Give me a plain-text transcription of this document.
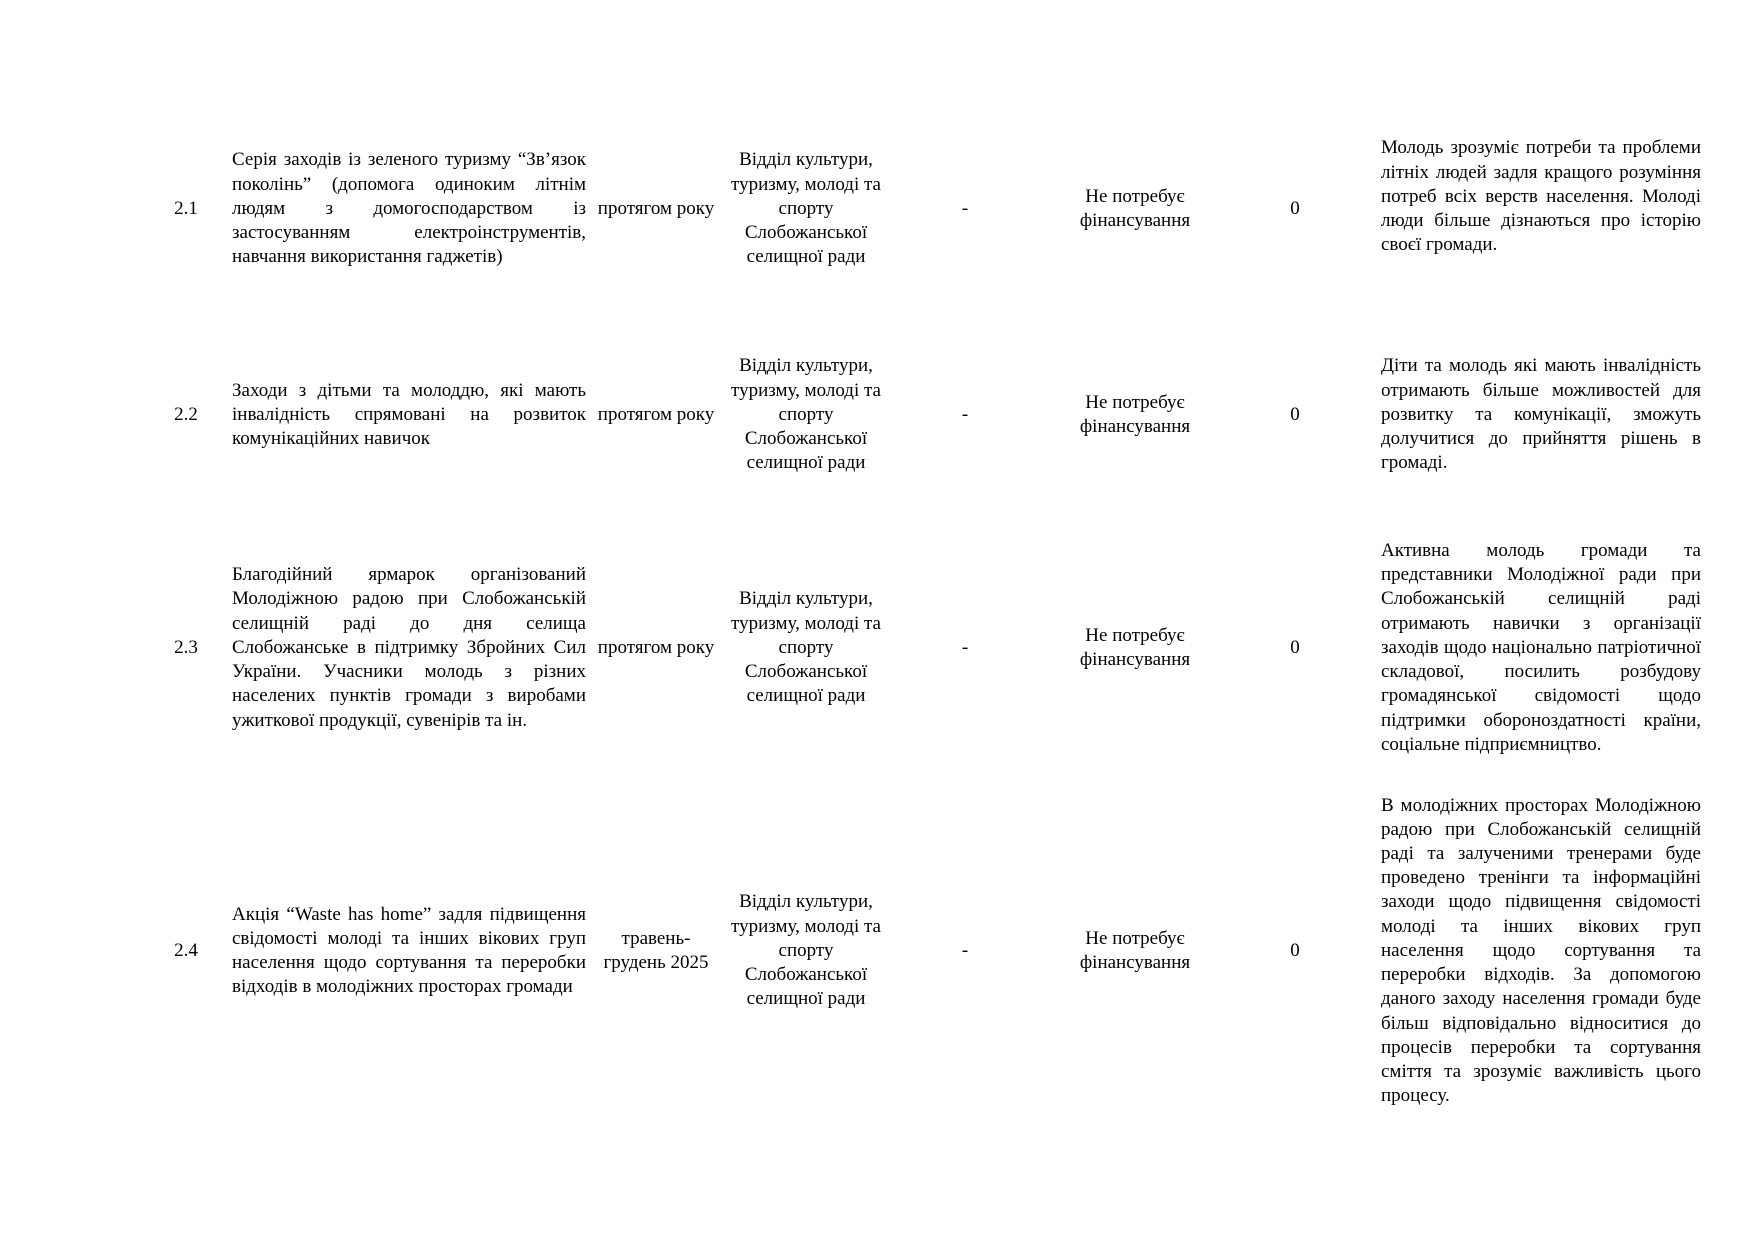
2.1
Серія заходів із зеленого туризму “Зв’язок поколінь” (допомога одиноким літнім людям з домогосподарством із застосуванням електроінструментів, навчання використання гаджетів)
протягом року
Відділ культури, туризму, молоді та спорту Слобожанської селищної ради
-
Не потребує фінансування
0
Молодь зрозуміє потреби та проблеми літніх людей задля кращого розуміння потреб всіх верств населення. Молоді люди більше дізнаються про історію своєї громади.
2.2
Заходи з дітьми та молоддю, які мають інвалідність спрямовані на розвиток комунікаційних навичок
протягом року
Відділ культури, туризму, молоді та спорту Слобожанської селищної ради
-
Не потребує фінансування
0
Діти та молодь які мають інвалідність отримають більше можливостей для розвитку та комунікації, зможуть долучитися до прийняття рішень в громаді.
2.3
Благодійний ярмарок організований Молодіжною радою при Слобожанській селищній раді до дня селища Слобожанське в підтримку Збройних Сил України. Учасники молодь з різних населених пунктів громади з виробами ужиткової продукції, сувенірів та ін.
протягом року
Відділ культури, туризму, молоді та спорту Слобожанської селищної ради
-
Не потребує фінансування
0
Активна молодь громади та представники Молодіжної ради при Слобожанській селищній раді отримають навички з організації заходів щодо національно патріотичної складової, посилить розбудову громадянської свідомості щодо підтримки обороноздатності країни, соціальне підприємництво.
2.4
Акція “Waste has home” задля підвищення свідомості молоді та інших вікових груп населення щодо сортування та переробки відходів в молодіжних просторах громади
травень-грудень 2025
Відділ культури, туризму, молоді та спорту Слобожанської селищної ради
-
Не потребує фінансування
0
В молодіжних просторах Молодіжною радою при Слобожанській селищній раді та залученими тренерами буде проведено тренінги та інформаційні заходи щодо підвищення свідомості молоді та інших вікових груп населення щодо сортування та переробки відходів. За допомогою даного заходу населення громади буде більш відповідально відноситися до процесів переробки та сортування сміття та зрозуміє важливість цього процесу.
